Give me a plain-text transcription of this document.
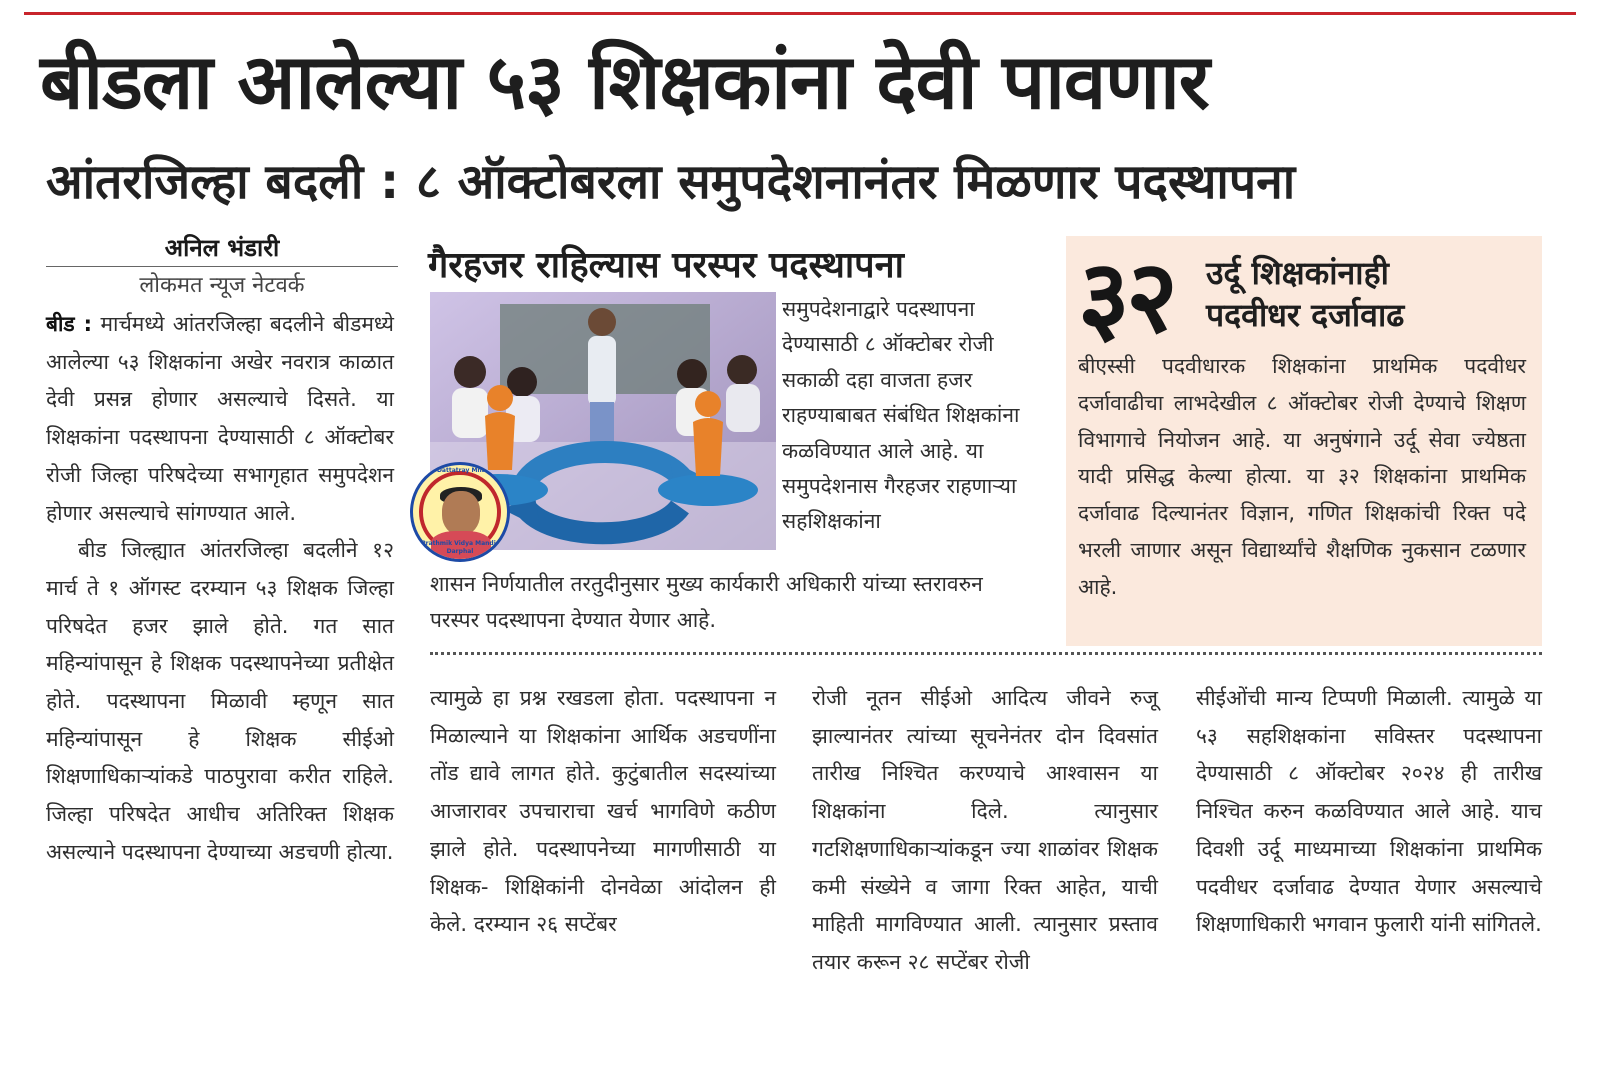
बीडला आलेल्या ५३ शिक्षकांना देवी पावणार
आंतरजिल्हा बदली : ८ ऑक्टोबरला समुपदेशनानंतर मिळणार पदस्थापना
अनिल भंडारी
लोकमत न्यूज नेटवर्क

बीड : मार्चमध्ये आंतरजिल्हा बदलीने बीडमध्ये आलेल्या ५३ शिक्षकांना अखेर नवरात्र काळात देवी प्रसन्न होणार असल्याचे दिसते. या शिक्षकांना पदस्थापना देण्यासाठी ८ ऑक्टोबर रोजी जिल्हा परिषदेच्या सभागृहात समुपदेशन होणार असल्याचे सांगण्यात आले.

बीड जिल्ह्यात आंतरजिल्हा बदलीने १२ मार्च ते १ ऑगस्ट दरम्यान ५३ शिक्षक जिल्हा परिषदेत हजर झाले होते. गत सात महिन्यांपासून हे शिक्षक पदस्थापनेच्या प्रतीक्षेत होते. पदस्थापना मिळावी म्हणून सात महिन्यांपासून हे शिक्षक सीईओ शिक्षणाधिकाऱ्यांकडे पाठपुरावा करीत राहिले. जिल्हा परिषदेत आधीच अतिरिक्त शिक्षक असल्याने पदस्थापना देण्याच्या अडचणी होत्या.

गैरहजर राहिल्यास परस्पर पदस्थापना
Rahul Dattatray Mhamane
Prathmik Vidya Mandir Darphal
समुपदेशनाद्वारे पदस्थापना देण्यासाठी ८ ऑक्टोबर रोजी सकाळी दहा वाजता हजर राहण्याबाबत संबंधित शिक्षकांना कळविण्यात आले आहे. या समुपदेशनास गैरहजर राहणाऱ्या सहशिक्षकांना
शासन निर्णयातील तरतुदीनुसार मुख्य कार्यकारी अधिकारी यांच्या स्तरावरुन परस्पर पदस्थापना देण्यात येणार आहे.
३२ उर्दू शिक्षकांनाही
पदवीधर दर्जावाढ

बीएस्सी पदवीधारक शिक्षकांना प्राथमिक पदवीधर दर्जावाढीचा लाभदेखील ८ ऑक्टोबर रोजी देण्याचे शिक्षण विभागाचे नियोजन आहे. या अनुषंगाने उर्दू सेवा ज्येष्ठता यादी प्रसिद्ध केल्या होत्या. या ३२ शिक्षकांना प्राथमिक दर्जावाढ दिल्यानंतर विज्ञान, गणित शिक्षकांची रिक्त पदे भरली जाणार असून विद्यार्थ्यांचे शैक्षणिक नुकसान टळणार आहे.

त्यामुळे हा प्रश्न रखडला होता. पदस्थापना न मिळाल्याने या शिक्षकांना आर्थिक अडचणींना तोंड द्यावे लागत होते. कुटुंबातील सदस्यांच्या आजारावर उपचाराचा खर्च भागविणे कठीण झाले होते. पदस्थापनेच्या मागणीसाठी या शिक्षक- शिक्षिकांनी दोनवेळा आंदोलन ही केले. दरम्यान २६ सप्टेंबर
रोजी नूतन सीईओ आदित्य जीवने रुजू झाल्यानंतर त्यांच्या सूचनेनंतर दोन दिवसांत तारीख निश्चित करण्याचे आश्वासन या शिक्षकांना दिले. त्यानुसार गटशिक्षणाधिकाऱ्यांकडून ज्या शाळांवर शिक्षक कमी संख्येने व जागा रिक्त आहेत, याची माहिती मागविण्यात आली. त्यानुसार प्रस्ताव तयार करून २८ सप्टेंबर रोजी
सीईओंची मान्य टिप्पणी मिळाली. त्यामुळे या ५३ सहशिक्षकांना सविस्तर पदस्थापना देण्यासाठी ८ ऑक्टोबर २०२४ ही तारीख निश्चित करुन कळविण्यात आले आहे. याच दिवशी उर्दू माध्यमाच्या शिक्षकांना प्राथमिक पदवीधर दर्जावाढ देण्यात येणार असल्याचे शिक्षणाधिकारी भगवान फुलारी यांनी सांगितले.
